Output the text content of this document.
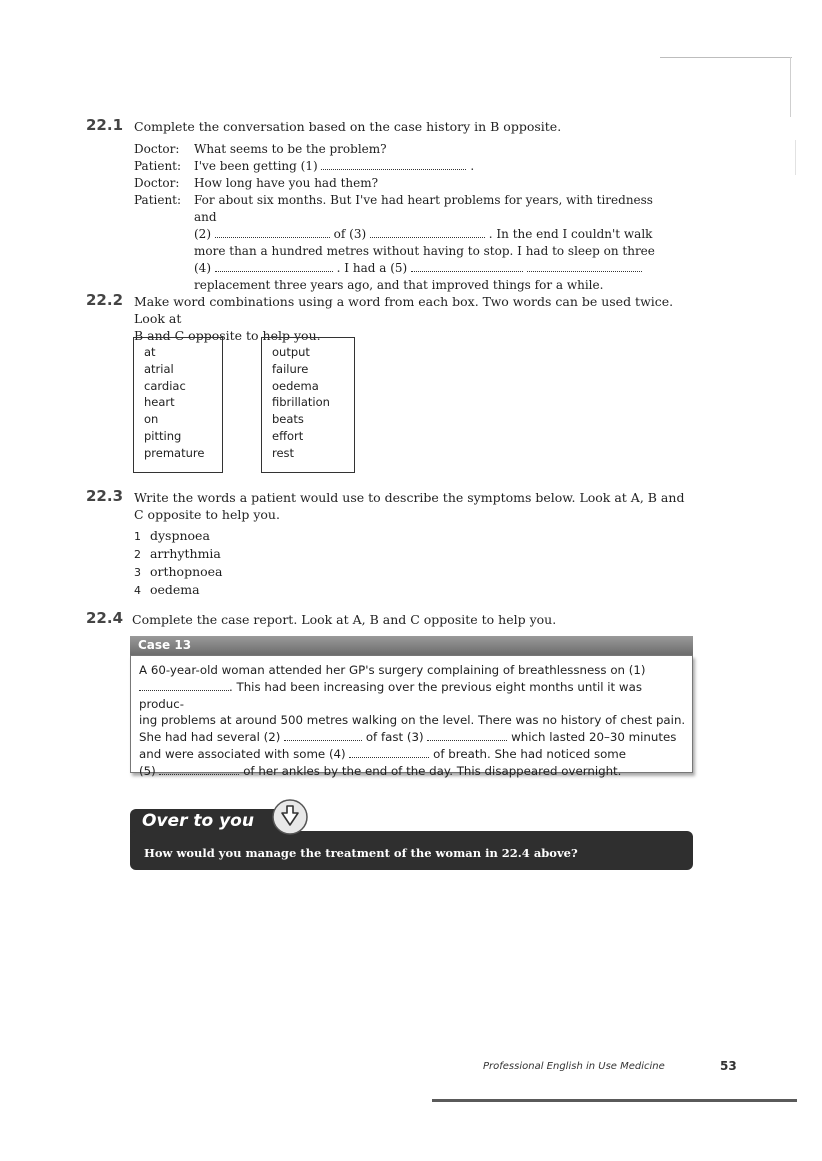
22.1 Complete the conversation based on the case history in B opposite.
Doctor:	What seems to be the problem?
Patient:	I've been getting (1)	.
Doctor:	How long have you had them?
Patient:	For about six months. But I've had heart problems for years, with tiredness and
(2)	of (3)	. In the end I couldn't walk
more than a hundred metres without having to stop. I had to sleep on three
(4)	. I had a (5)
replacement three years ago, and that improved things for a while.
22.2 Make word combinations using a word from each box. Two words can be used twice. Look at
B and C opposite to help you.
at
atrial
cardiac
heart
on
pitting
premature
output
failure
oedema
fibrillation
beats
effort
rest
22.3 Write the words a patient would use to describe the symptoms below. Look at A, B and
C opposite to help you.
1 dyspnoea
2 arrhythmia
3 orthopnoea
4 oedema
22.4 Complete the case report. Look at A, B and C opposite to help you.
Case 13
A 60-year-old woman attended her GP's surgery complaining of breathlessness on (1)
. This had been increasing over the previous eight months until it was produc-
ing problems at around 500 metres walking on the level. There was no history of chest pain.
She had had several (2)	of fast (3)	which lasted 20–30 minutes
and were associated with some (4)	of breath. She had noticed some
(5)	of her ankles by the end of the day. This disappeared overnight.
Over to you
How would you manage the treatment of the woman in 22.4 above?
Professional English in Use Medicine	53
